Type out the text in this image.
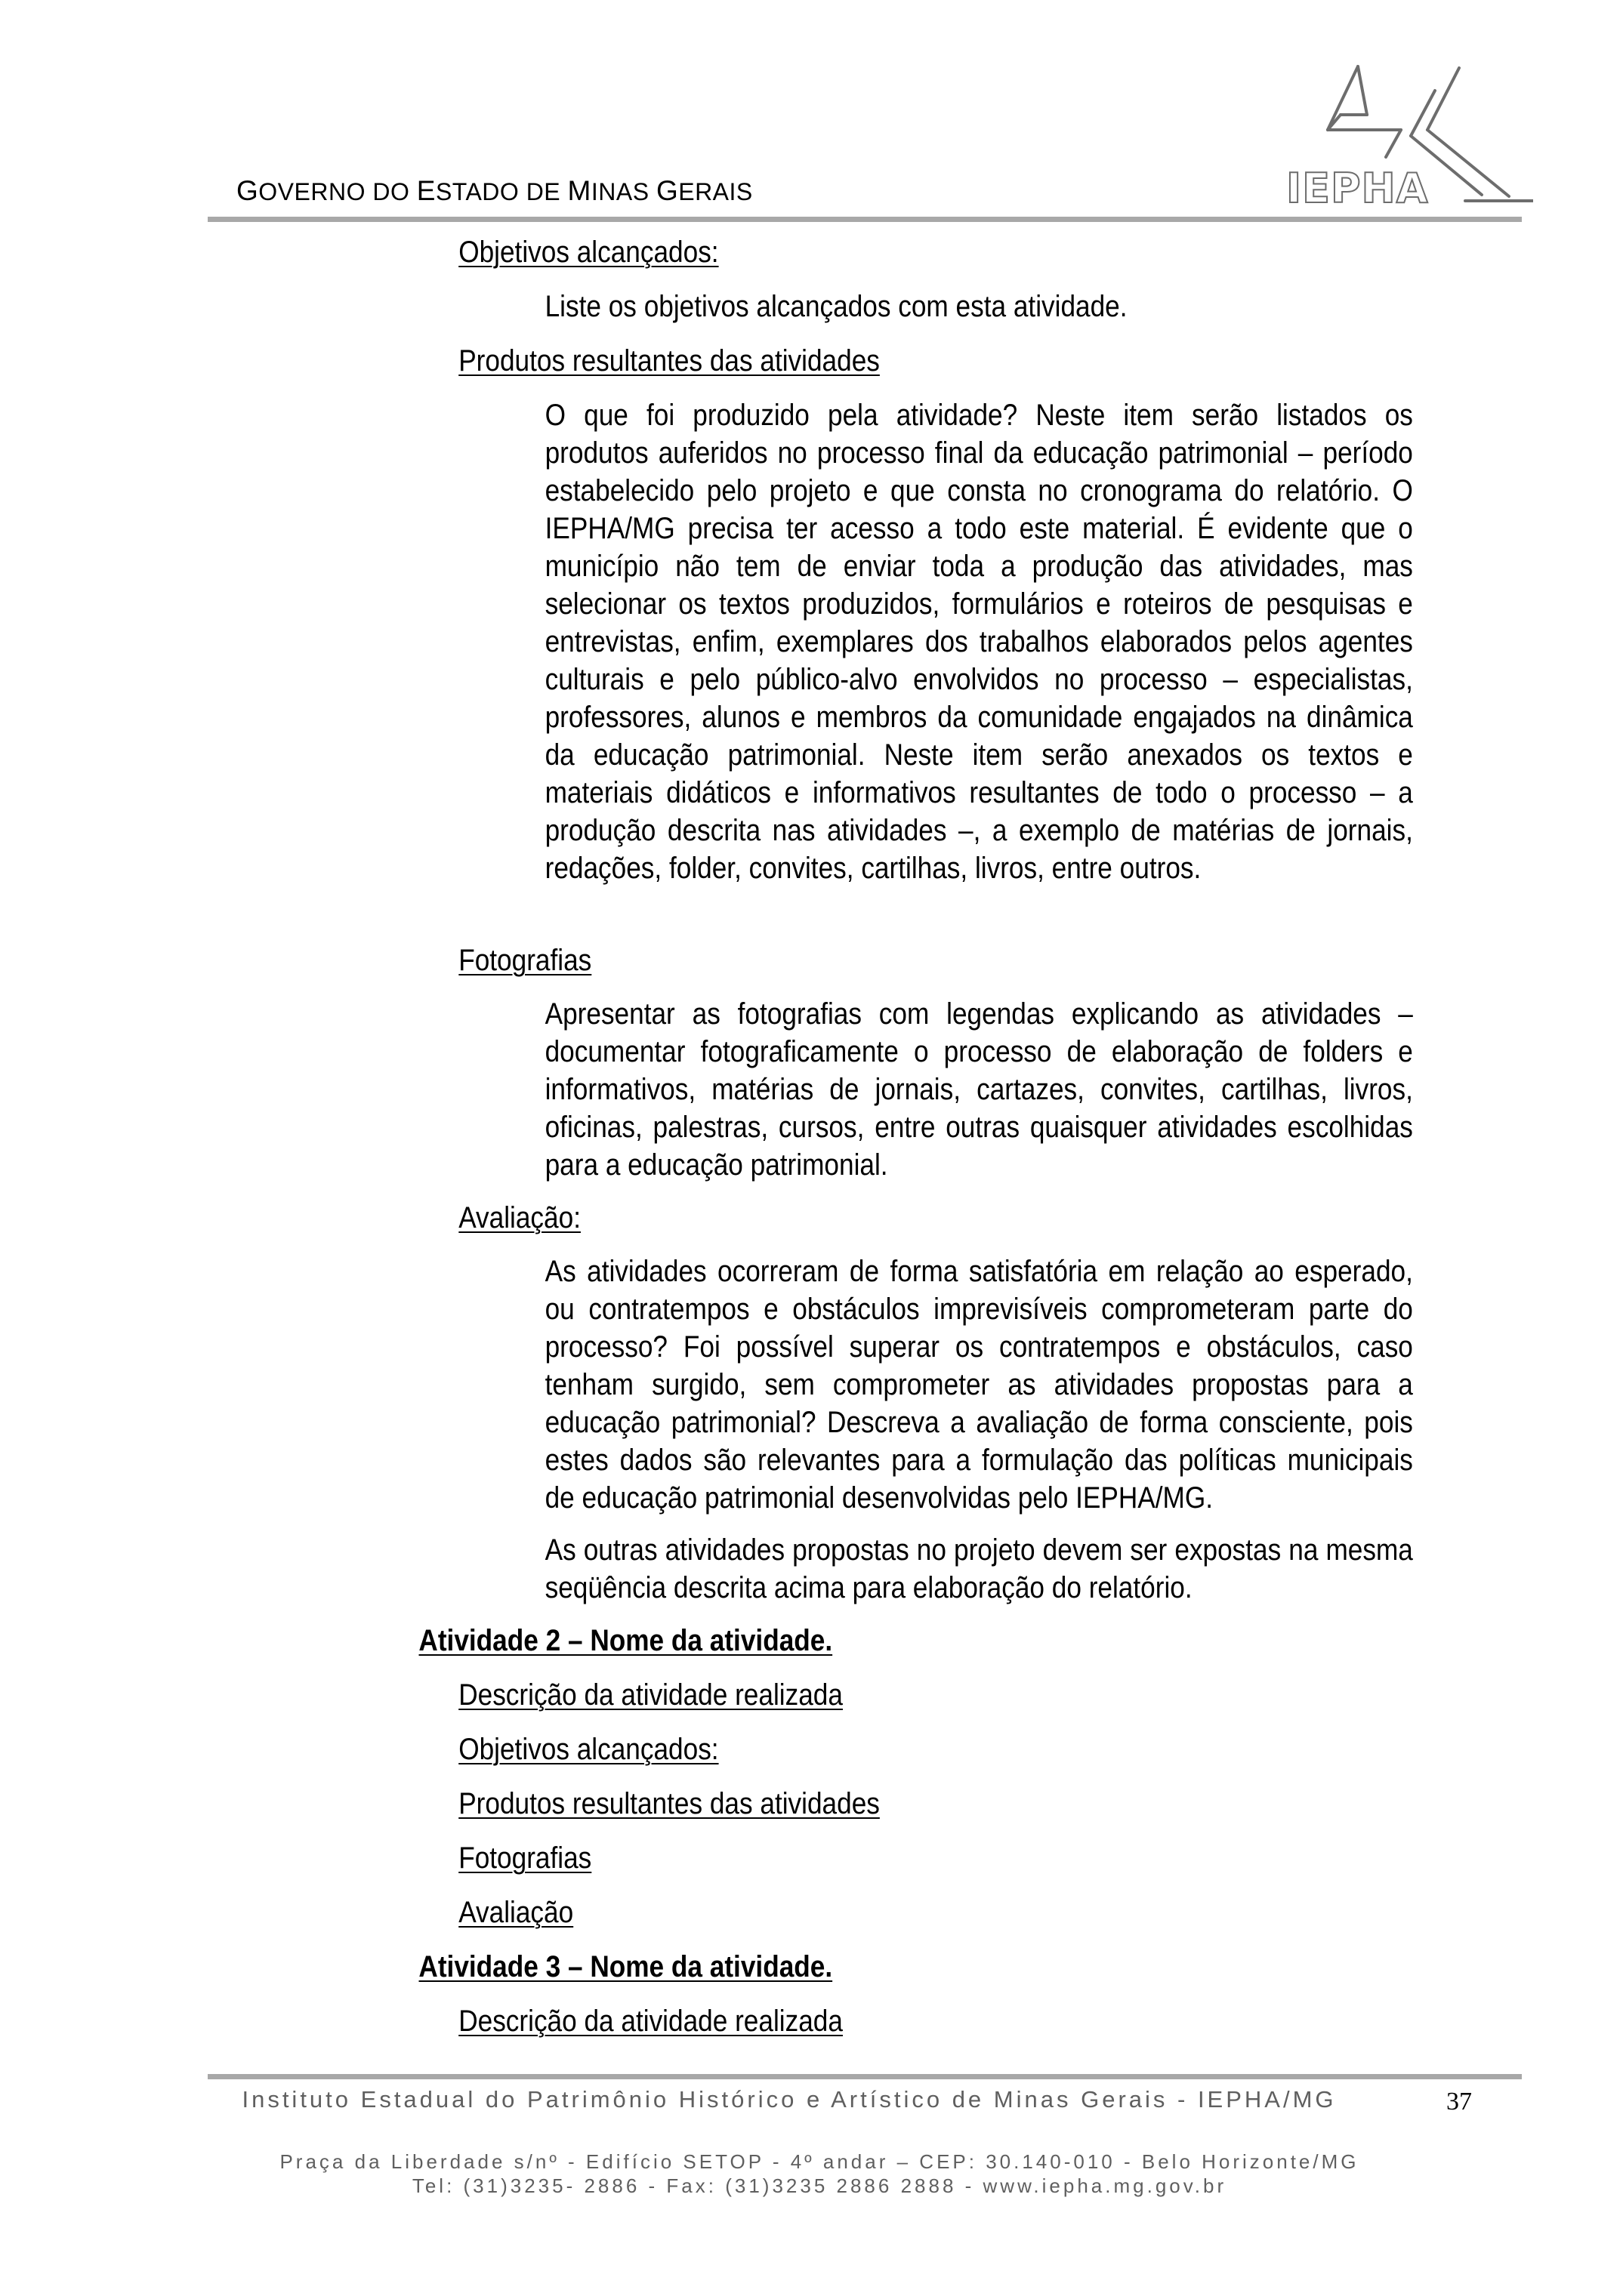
GOVERNO DO ESTADO DE MINAS GERAIS	IEPHA
Objetivos alcançados:
Liste os objetivos alcançados com esta atividade.
Produtos resultantes das atividades
O que foi produzido pela atividade? Neste item serão listados os produtos auferidos no processo final da educação patrimonial – período estabelecido pelo projeto e que consta no cronograma do relatório. O IEPHA/MG precisa ter acesso a todo este material. É evidente que o município não tem de enviar toda a produção das atividades, mas selecionar os textos produzidos, formulários e roteiros de pesquisas e entrevistas, enfim, exemplares dos trabalhos elaborados pelos agentes culturais e pelo público-alvo envolvidos no processo – especialistas, professores, alunos e membros da comunidade engajados na dinâmica da educação patrimonial. Neste item serão anexados os textos e materiais didáticos e informativos resultantes de todo o processo – a produção descrita nas atividades –, a exemplo de matérias de jornais, redações, folder, convites, cartilhas, livros, entre outros.
Fotografias
Apresentar as fotografias com legendas explicando as atividades – documentar fotograficamente o processo de elaboração de folders e informativos, matérias de jornais, cartazes, convites, cartilhas, livros, oficinas, palestras, cursos, entre outras quaisquer atividades escolhidas para a educação patrimonial.
Avaliação:
As atividades ocorreram de forma satisfatória em relação ao esperado, ou contratempos e obstáculos imprevisíveis comprometeram parte do processo? Foi possível superar os contratempos e obstáculos, caso tenham surgido, sem comprometer as atividades propostas para a educação patrimonial? Descreva a avaliação de forma consciente, pois estes dados são relevantes para a formulação das políticas municipais de educação patrimonial desenvolvidas pelo IEPHA/MG.
As outras atividades propostas no projeto devem ser expostas na mesma seqüência descrita acima para elaboração do relatório.
Atividade 2 – Nome da atividade.
Descrição da atividade realizada
Objetivos alcançados:
Produtos resultantes das atividades
Fotografias
Avaliação
Atividade 3 – Nome da atividade.
Descrição da atividade realizada
Instituto Estadual do Patrimônio Histórico e Artístico de Minas Gerais - IEPHA/MG	37
Praça da Liberdade s/nº - Edifício SETOP - 4º andar – CEP: 30.140-010 - Belo Horizonte/MG
Tel: (31)3235- 2886 - Fax: (31)3235 2886 2888 - www.iepha.mg.gov.br
